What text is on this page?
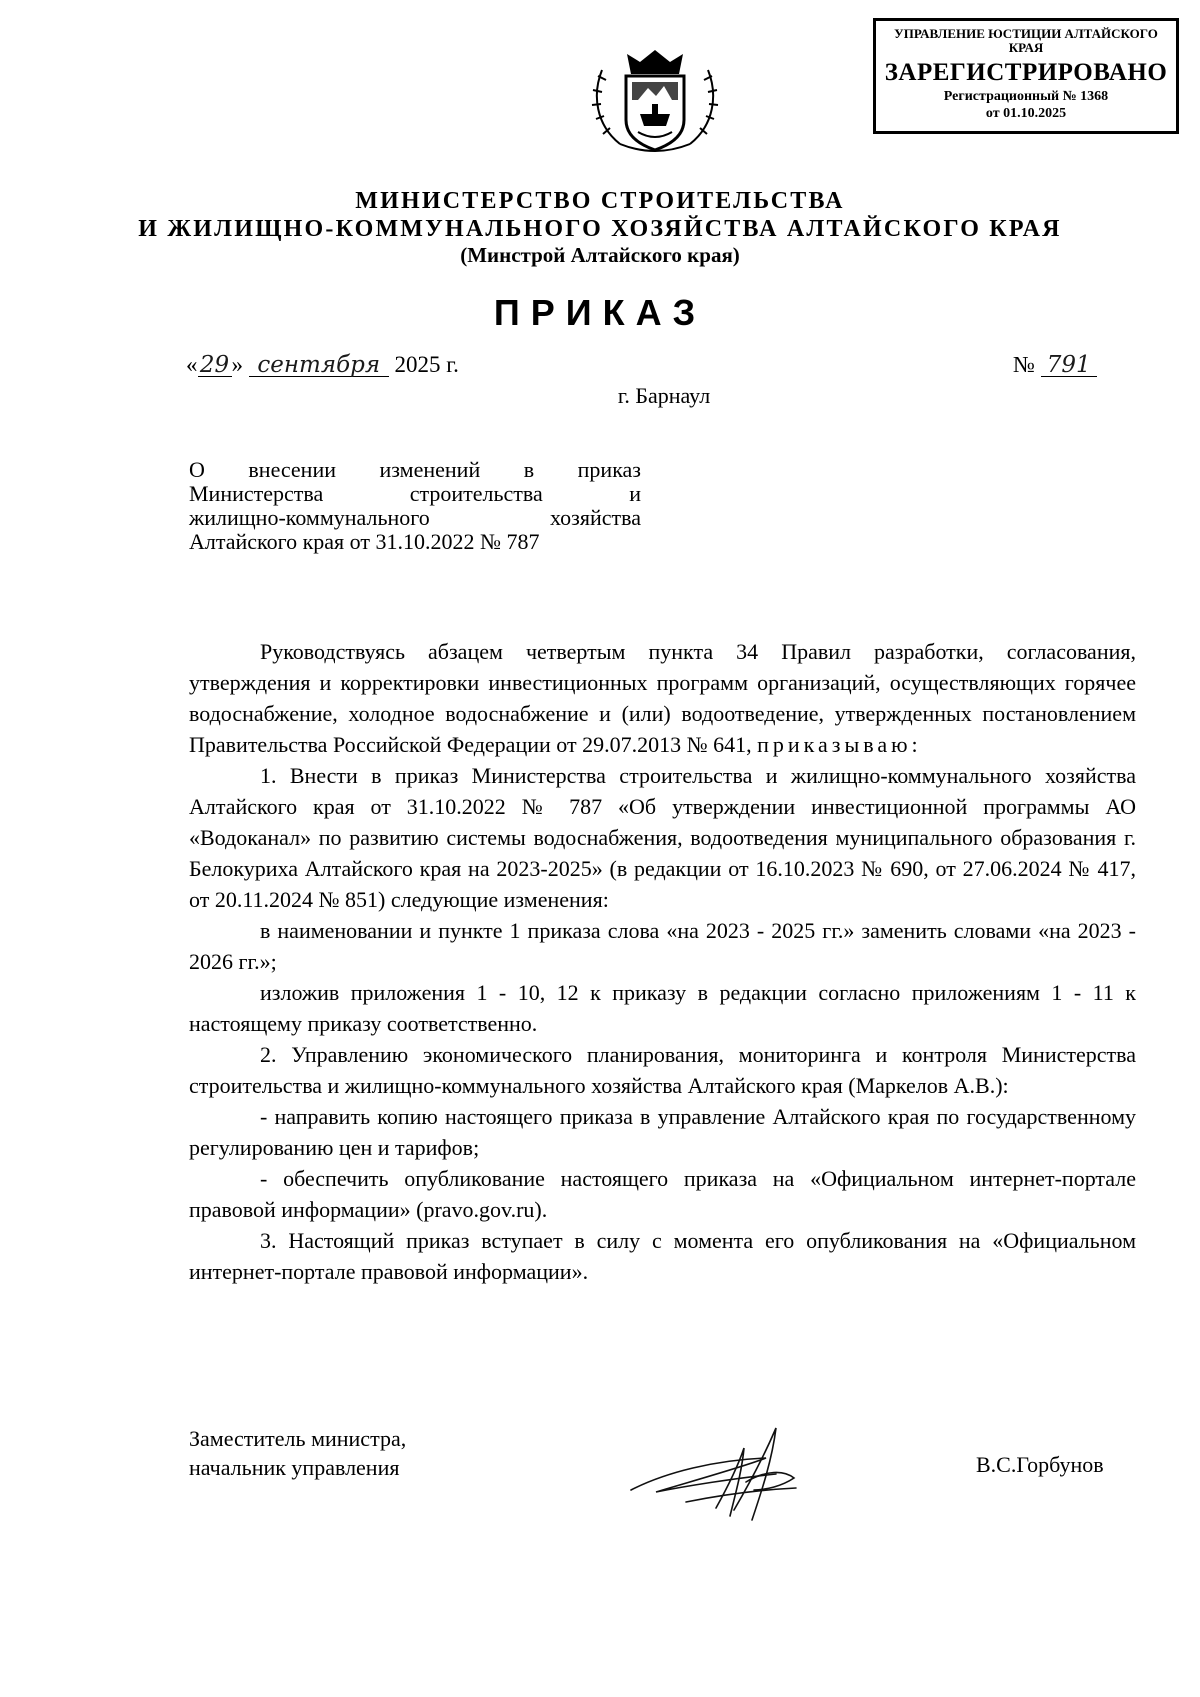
УПРАВЛЕНИЕ ЮСТИЦИИ АЛТАЙСКОГО КРАЯ
ЗАРЕГИСТРИРОВАНО
Регистрационный № 1368
от 01.10.2025
МИНИСТЕРСТВО СТРОИТЕЛЬСТВА
И ЖИЛИЩНО-КОММУНАЛЬНОГО ХОЗЯЙСТВА АЛТАЙСКОГО КРАЯ
(Минстрой Алтайского края)
ПРИКАЗ
« 29 » сентября 2025 г.	№ 791
г. Барнаул
О внесении изменений в приказ
Министерства строительства и
жилищно-коммунального хозяйства
Алтайского края от 31.10.2022 № 787

Руководствуясь абзацем четвертым пункта 34 Правил разработки, согласования, утверждения и корректировки инвестиционных программ организаций, осуществляющих горячее водоснабжение, холодное водоснабжение и (или) водоотведение, утвержденных постановлением Правительства Российской Федерации от 29.07.2013 № 641, приказываю:

1. Внести в приказ Министерства строительства и жилищно-коммунального хозяйства Алтайского края от 31.10.2022 № 787 «Об утверждении инвестиционной программы АО «Водоканал» по развитию системы водоснабжения, водоотведения муниципального образования г. Белокуриха Алтайского края на 2023-2025» (в редакции от 16.10.2023 № 690, от 27.06.2024 № 417, от 20.11.2024 № 851) следующие изменения:

в наименовании и пункте 1 приказа слова «на 2023 - 2025 гг.» заменить словами «на 2023 - 2026 гг.»;

изложив приложения 1 - 10, 12 к приказу в редакции согласно приложениям 1 - 11 к настоящему приказу соответственно.

2. Управлению экономического планирования, мониторинга и контроля Министерства строительства и жилищно-коммунального хозяйства Алтайского края (Маркелов А.В.):

- направить копию настоящего приказа в управление Алтайского края по государственному регулированию цен и тарифов;

- обеспечить опубликование настоящего приказа на «Официальном интернет-портале правовой информации» (pravo.gov.ru).

3. Настоящий приказ вступает в силу с момента его опубликования на «Официальном интернет-портале правовой информации».

Заместитель министра,
начальник управления	В.С.Горбунов
